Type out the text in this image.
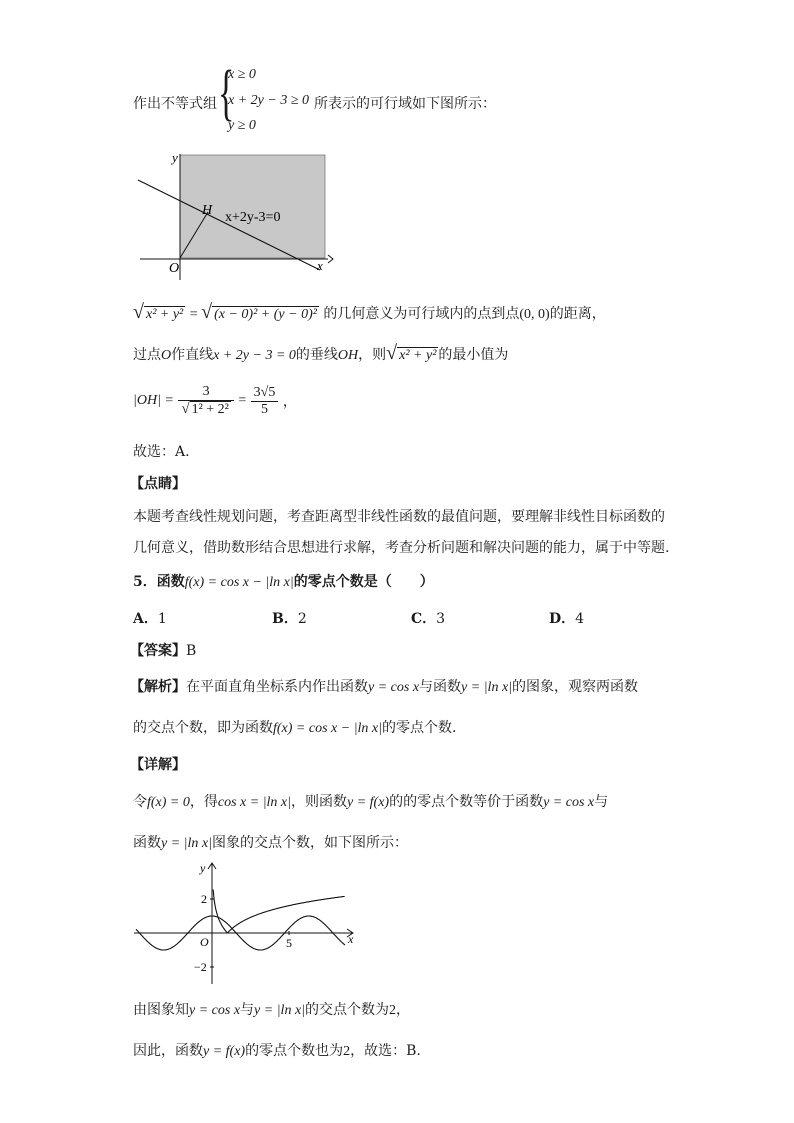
作出不等式组 {
x ≥ 0
x + 2y − 3 ≥ 0
y ≥ 0
所表示的可行域如下图所示：
y
x
O
H x+2y-3=0
√ x² + y² = √ (x − 0)² + (y − 0)² 的几何意义为可行域内的点到点(0, 0)的距离，
过点O作直线x + 2y − 3 = 0的垂线OH，则√ x² + y² 的最小值为
$|OH| = \frac{3}{\text{√ 1² + 2²}} = \frac{3√5}{5}$ ，
故选：A.
【点睛】
本题考查线性规划问题，考查距离型非线性函数的最值问题，要理解非线性目标函数的
几何意义，借助数形结合思想进行求解，考查分析问题和解决问题的能力，属于中等题.
5．函数f(x) = cos x − |ln x|的零点个数是（　　）
A．1	B．2	C．3	D．4
【答案】B
【解析】在平面直角坐标系内作出函数y = cos x与函数y = |ln x|的图象，观察两函数
的交点个数，即为函数f(x) = cos x − |ln x|的零点个数.
【详解】
令f(x) = 0，得cos x = |ln x|，则函数y = f(x)的的零点个数等价于函数y = cos x与
函数y = |ln x|图象的交点个数，如下图所示：
y
x
O
2
−2
5
由图象知y = cos x与y = |ln x|的交点个数为2，
因此，函数y = f(x)的零点个数也为2，故选：B.
